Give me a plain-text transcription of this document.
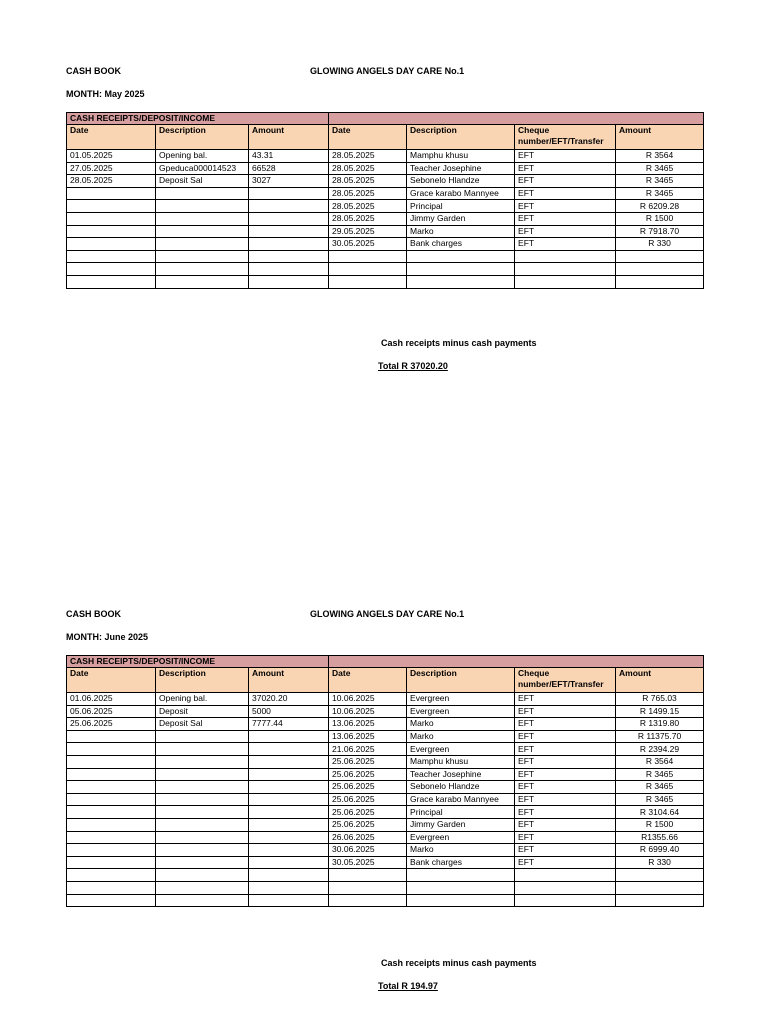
CASH BOOK	GLOWING ANGELS DAY CARE No.1
MONTH: May 2025
CASH RECEIPTS/DEPOSIT/INCOME						
Date	Description	Amount	Date	Description	Cheque number/EFT/Transfer	Amount
01.05.2025	Opening bal.	43.31	28.05.2025	Mamphu khusu	EFT	R 3564
27.05.2025	Gpeduca000014523	66528	28.05.2025	Teacher Josephine	EFT	R 3465
28.05.2025	Deposit Sal	3027	28.05.2025	Sebonelo Hlandze	EFT	R 3465
			28.05.2025	Grace karabo Mannyee	EFT	R 3465
			28.05.2025	Principal	EFT	R 6209.28
			28.05.2025	Jimmy Garden	EFT	R 1500
			29.05.2025	Marko	EFT	R 7918.70
			30.05.2025	Bank charges	EFT	R 330

Cash receipts minus cash payments
Total R 37020.20
CASH BOOK	GLOWING ANGELS DAY CARE No.1
MONTH: June 2025
CASH RECEIPTS/DEPOSIT/INCOME						
Date	Description	Amount	Date	Description	Cheque number/EFT/Transfer	Amount
01.06.2025	Opening bal.	37020.20	10.06.2025	Evergreen	EFT	R 765.03
05.06.2025	Deposit	5000	10.06.2025	Evergreen	EFT	R 1499.15
25.06.2025	Deposit Sal	7777.44	13.06.2025	Marko	EFT	R 1319.80
			13.06.2025	Marko	EFT	R 11375.70
			21.06.2025	Evergreen	EFT	R 2394.29
			25.06.2025	Mamphu khusu	EFT	R 3564
			25.06.2025	Teacher Josephine	EFT	R 3465
			25.06.2025	Sebonelo Hlandze	EFT	R 3465
			25.06.2025	Grace karabo Mannyee	EFT	R 3465
			25.06.2025	Principal	EFT	R 3104.64
			25.06.2025	Jimmy Garden	EFT	R 1500
			26.06.2025	Evergreen	EFT	R1355.66
			30.06.2025	Marko	EFT	R 6999.40
			30.05.2025	Bank charges	EFT	R 330

Cash receipts minus cash payments
Total R 194.97
